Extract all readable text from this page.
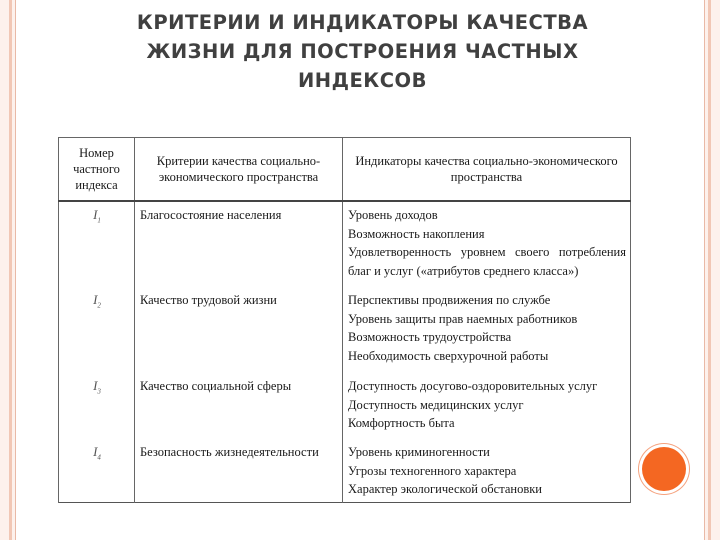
КРИТЕРИИ И ИНДИКАТОРЫ КАЧЕСТВА
ЖИЗНИ ДЛЯ ПОСТРОЕНИЯ ЧАСТНЫХ
ИНДЕКСОВ
Номер частного индекса	Критерии качества социально-экономического пространства	Индикаторы качества социально-экономического пространства
$I_1$	Благосостояние населения	Уровень доходов
Возможность накопления
Удовлетворенность уровнем своего потребления
благ и услуг («атрибутов среднего класса»)

$I_2$	Качество трудовой жизни	Перспективы продвижения по службе
Уровень защиты прав наемных работников
Возможность трудоустройства
Необходимость сверхурочной работы

$I_3$	Качество социальной сферы	Доступность досугово-оздоровительных услуг
Доступность медицинских услуг
Комфортность быта

$I_4$	Безопасность жизнедеятельности	Уровень криминогенности
Угрозы техногенного характера
Характер экологической обстановки
